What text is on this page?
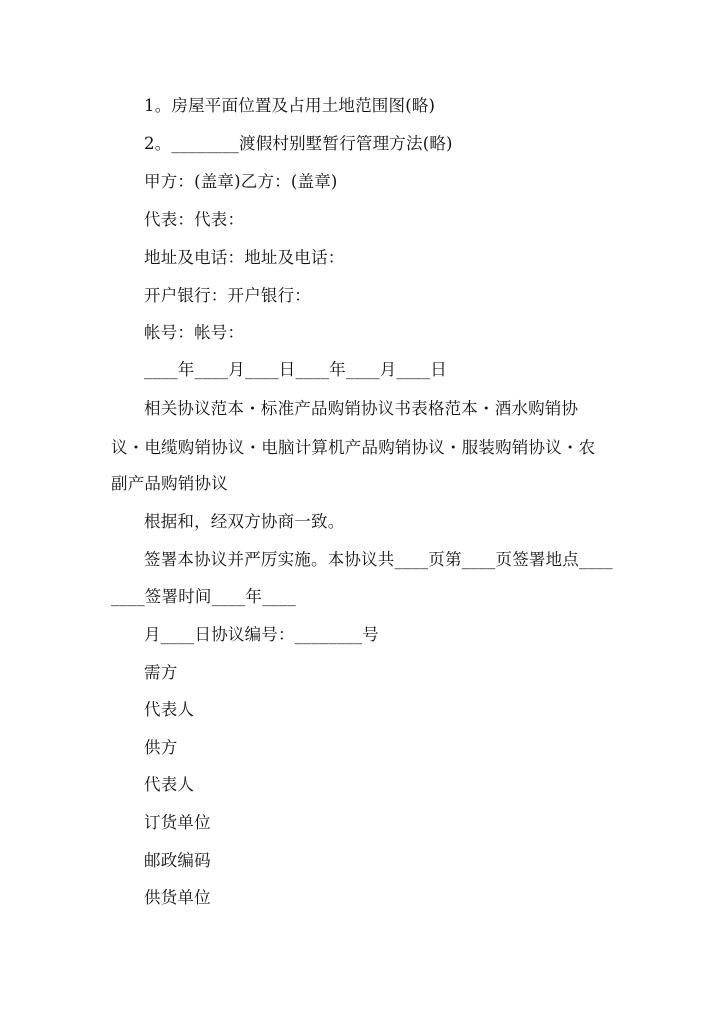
1。房屋平面位置及占用土地范围图(略)
2。________渡假村别墅暂行管理方法(略)
甲方：(盖章)乙方：(盖章)
代表：代表：
地址及电话：地址及电话：
开户银行：开户银行：
帐号：帐号：
____年____月____日____年____月____日
相关协议范本・标准产品购销协议书表格范本・酒水购销协
议・电缆购销协议・电脑计算机产品购销协议・服装购销协议・农
副产品购销协议
根据和，经双方协商一致。
签署本协议并严厉实施。本协议共____页第____页签署地点____
____签署时间____年____
月____日协议编号：________号
需方
代表人
供方
代表人
订货单位
邮政编码
供货单位
